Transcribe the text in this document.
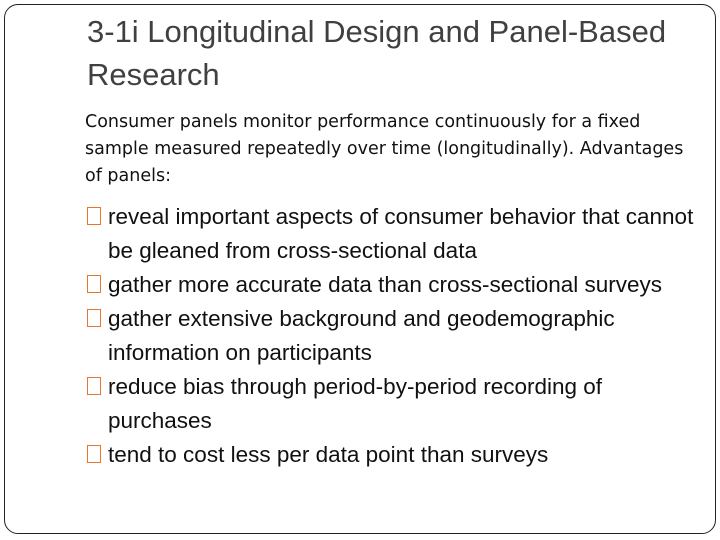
3-1i Longitudinal Design and Panel-Based Research

Consumer panels monitor performance continuously for a fixed sample measured repeatedly over time (longitudinally). Advantages of panels:

reveal important aspects of consumer behavior that cannot be gleaned from cross-sectional data
gather more accurate data than cross-sectional surveys
gather extensive background and geodemographic information on participants
reduce bias through period-by-period recording of purchases
tend to cost less per data point than surveys
